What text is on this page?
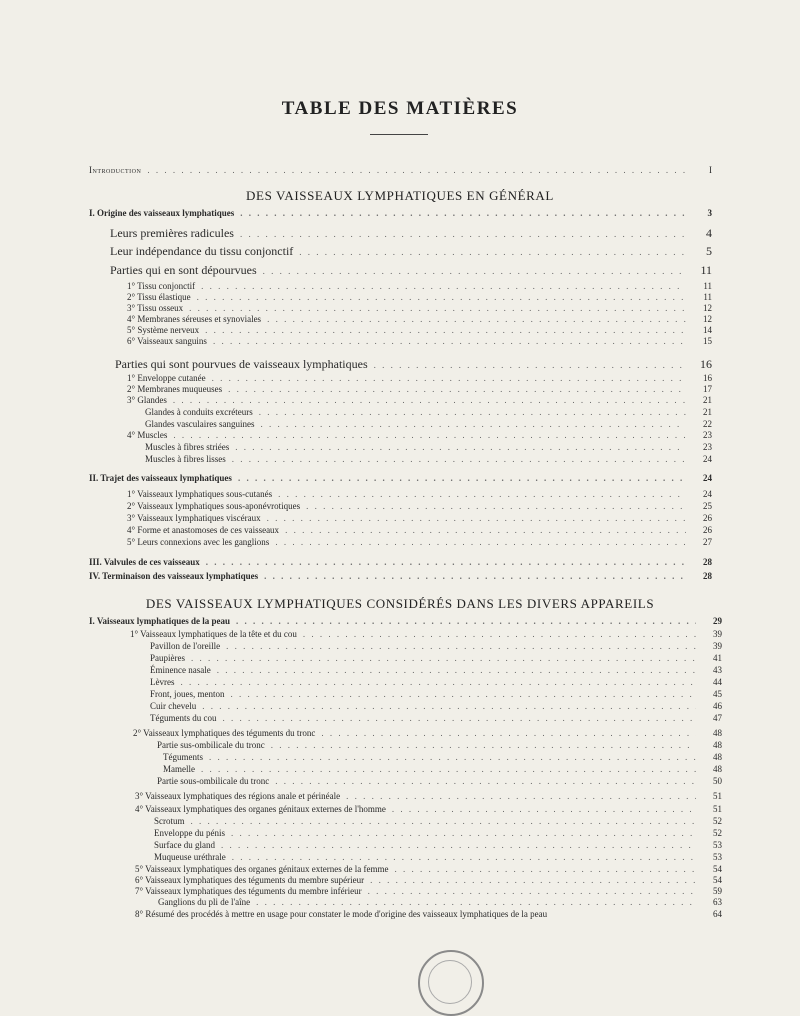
TABLE DES MATIÈRES
DES VAISSEAUX LYMPHATIQUES EN GÉNÉRAL
DES VAISSEAUX LYMPHATIQUES CONSIDÉRÉS DANS LES DIVERS APPAREILS
Introduction . . .	I
I. Origine des vaisseaux lymphatiques . . .	3
Leurs premières radicules . . .	4
Leur indépendance du tissu conjonctif . . .	5
Parties qui en sont dépourvues . . .	11
1° Tissu conjonctif . . .	11
2° Tissu élastique . . .	11
3° Tissu osseux . . .	12
4° Membranes séreuses et synoviales . . .	12
5° Système nerveux . . .	14
6° Vaisseaux sanguins . . .	15
Parties qui sont pourvues de vaisseaux lymphatiques . . .	16
1° Enveloppe cutanée . . .	16
2° Membranes muqueuses . . .	17
3° Glandes . . .	21
Glandes à conduits excréteurs . . .	21
Glandes vasculaires sanguines . . .	22
4° Muscles . . .	23
Muscles à fibres striées . . .	23
Muscles à fibres lisses . . .	24
II. Trajet des vaisseaux lymphatiques . . .	24
1° Vaisseaux lymphatiques sous-cutanés . . .	24
2° Vaisseaux lymphatiques sous-aponévrotiques . . .	25
3° Vaisseaux lymphatiques viscéraux . . .	26
4° Forme et anastomoses de ces vaisseaux . . .	26
5° Leurs connexions avec les ganglions . . .	27
III. Valvules de ces vaisseaux . . .	28
IV. Terminaison des vaisseaux lymphatiques . . .	28
I. Vaisseaux lymphatiques de la peau . . .	29
1° Vaisseaux lymphatiques de la tête et du cou . . .	39
Pavillon de l'oreille . . .	39
Paupières . . .	41
Éminence nasale . . .	43
Lèvres . . .	44
Front, joues, menton . . .	45
Cuir chevelu . . .	46
Téguments du cou . . .	47
2° Vaisseaux lymphatiques des téguments du tronc . . .	48
Partie sus-ombilicale du tronc . . .	48
Téguments . . .	48
Mamelle . . .	48
Partie sous-ombilicale du tronc . . .	50
3° Vaisseaux lymphatiques des régions anale et périnéale . . .	51
4° Vaisseaux lymphatiques des organes génitaux externes de l'homme . . .	51
Scrotum . . .	52
Enveloppe du pénis . . .	52
Surface du gland . . .	53
Muqueuse uréthrale . . .	53
5° Vaisseaux lymphatiques des organes génitaux externes de la femme . . .	54
6° Vaisseaux lymphatiques des téguments du membre supérieur . . .	54
7° Vaisseaux lymphatiques des téguments du membre inférieur . . .	59
Ganglions du pli de l'aîne . . .	63
8° Résumé des procédés à mettre en usage pour constater le mode d'origine des vaisseaux lymphatiques de la peau	64
